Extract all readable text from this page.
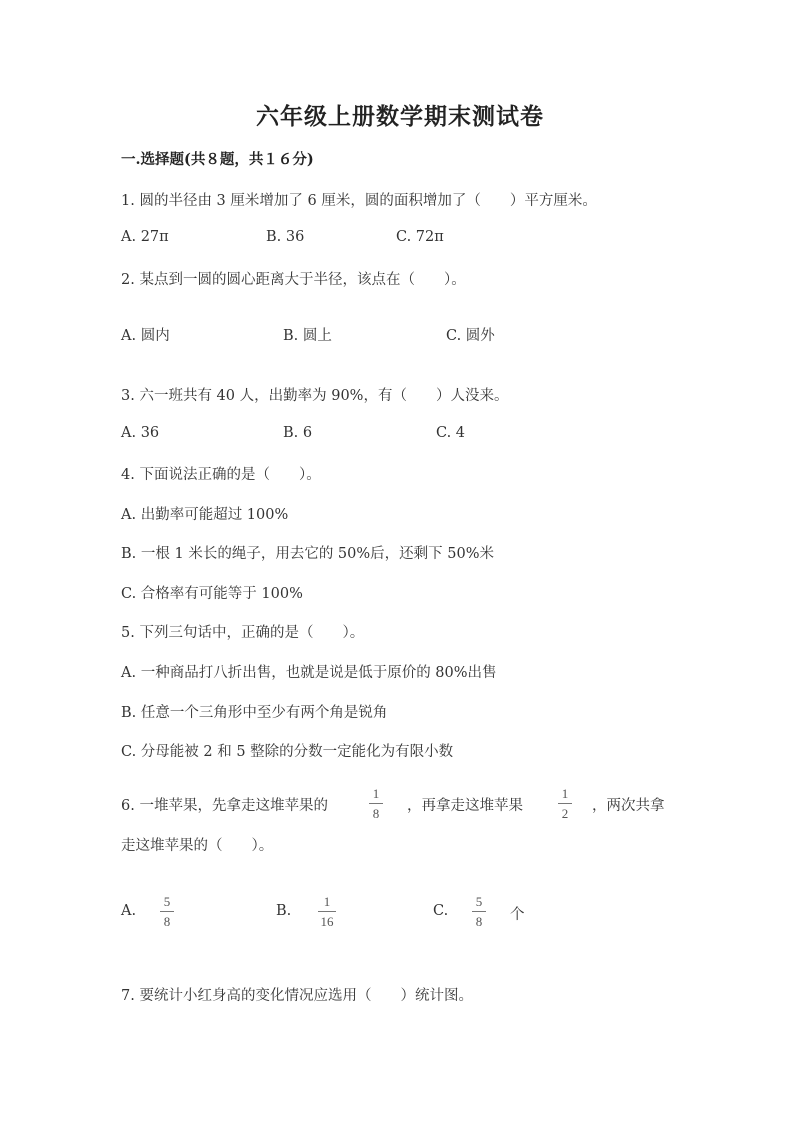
六年级上册数学期末测试卷
一.选择题(共８题，共１６分)
1. 圆的半径由 3 厘米增加了 6 厘米，圆的面积增加了（　　）平方厘米。
A. 27π	B. 36	C. 72π
2. 某点到一圆的圆心距离大于半径，该点在（　　）。
A. 圆内	B. 圆上	C. 圆外
3. 六一班共有 40 人，出勤率为 90%，有（　　）人没来。
A. 36	B. 6	C. 4
4. 下面说法正确的是（　　）。
A. 出勤率可能超过 100%
B. 一根 1 米长的绳子，用去它的 50%后，还剩下 50%米
C. 合格率有可能等于 100%
5. 下列三句话中，正确的是（　　）。
A. 一种商品打八折出售，也就是说是低于原价的 80%出售
B. 任意一个三角形中至少有两个角是锐角
C. 分母能被 2 和 5 整除的分数一定能化为有限小数
6. 一堆苹果，先拿走这堆苹果的
1
8 ，再拿走这堆苹果
1
2 ，两次共拿
走这堆苹果的（　　）。
A.
5
8
B.
1
16
C.
5
8 个
7. 要统计小红身高的变化情况应选用（　　）统计图。
